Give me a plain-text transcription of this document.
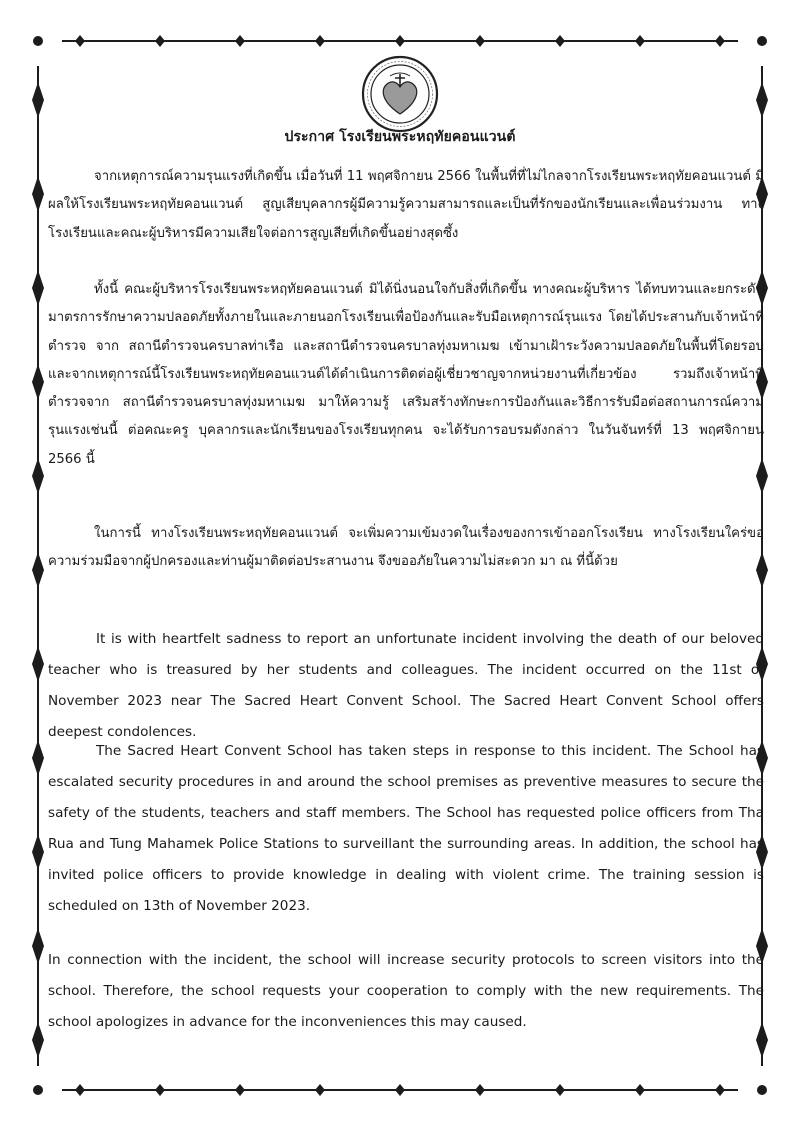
ประกาศ โรงเรียนพระหฤทัยคอนแวนต์

จากเหตุการณ์ความรุนแรงที่เกิดขึ้น เมื่อวันที่ 11 พฤศจิกายน 2566 ในพื้นที่ที่ไม่ไกลจากโรงเรียนพระหฤทัยคอนแวนต์ มีผลให้โรงเรียนพระหฤทัยคอนแวนต์ สูญเสียบุคลากรผู้มีความรู้ความสามารถและเป็นที่รักของนักเรียนและเพื่อนร่วมงาน ทางโรงเรียนและคณะผู้บริหารมีความเสียใจต่อการสูญเสียที่เกิดขึ้นอย่างสุดซึ้ง

ทั้งนี้ คณะผู้บริหารโรงเรียนพระหฤทัยคอนแวนต์ มิได้นิ่งนอนใจกับสิ่งที่เกิดขึ้น ทางคณะผู้บริหาร ได้ทบทวนและยกระดับมาตรการรักษาความปลอดภัยทั้งภายในและภายนอกโรงเรียนเพื่อป้องกันและรับมือเหตุการณ์รุนแรง โดยได้ประสานกับเจ้าหน้าที่ตำรวจ จาก สถานีตำรวจนครบาลท่าเรือ และสถานีตำรวจนครบาลทุ่งมหาเมฆ เข้ามาเฝ้าระวังความปลอดภัยในพื้นที่โดยรอบ และจากเหตุการณ์นี้โรงเรียนพระหฤทัยคอนแวนต์ได้ดำเนินการติดต่อผู้เชี่ยวชาญจากหน่วยงานที่เกี่ยวข้อง รวมถึงเจ้าหน้าที่ตำรวจจาก สถานีตำรวจนครบาลทุ่งมหาเมฆ มาให้ความรู้ เสริมสร้างทักษะการป้องกันและวิธีการรับมือต่อสถานการณ์ความรุนแรงเช่นนี้ ต่อคณะครู บุคลากรและนักเรียนของโรงเรียนทุกคน จะได้รับการอบรมดังกล่าว ในวันจันทร์ที่ 13 พฤศจิกายน 2566 นี้

ในการนี้ ทางโรงเรียนพระหฤทัยคอนแวนต์ จะเพิ่มความเข้มงวดในเรื่องของการเข้าออกโรงเรียน ทางโรงเรียนใคร่ขอความร่วมมือจากผู้ปกครองและท่านผู้มาติดต่อประสานงาน จึงขออภัยในความไม่สะดวก มา ณ ที่นี้ด้วย

It is with heartfelt sadness to report an unfortunate incident involving the death of our beloved teacher who is treasured by her students and colleagues. The incident occurred on the 11st of November 2023 near The Sacred Heart Convent School. The Sacred Heart Convent School offers deepest condolences.

The Sacred Heart Convent School has taken steps in response to this incident. The School has escalated security procedures in and around the school premises as preventive measures to secure the safety of the students, teachers and staff members. The School has requested police officers from Tha Rua and Tung Mahamek Police Stations to surveillant the surrounding areas. In addition, the school has invited police officers to provide knowledge in dealing with violent crime. The training session is scheduled on 13th of November 2023.

In connection with the incident, the school will increase security protocols to screen visitors into the school. Therefore, the school requests your cooperation to comply with the new requirements. The school apologizes in advance for the inconveniences this may caused.
